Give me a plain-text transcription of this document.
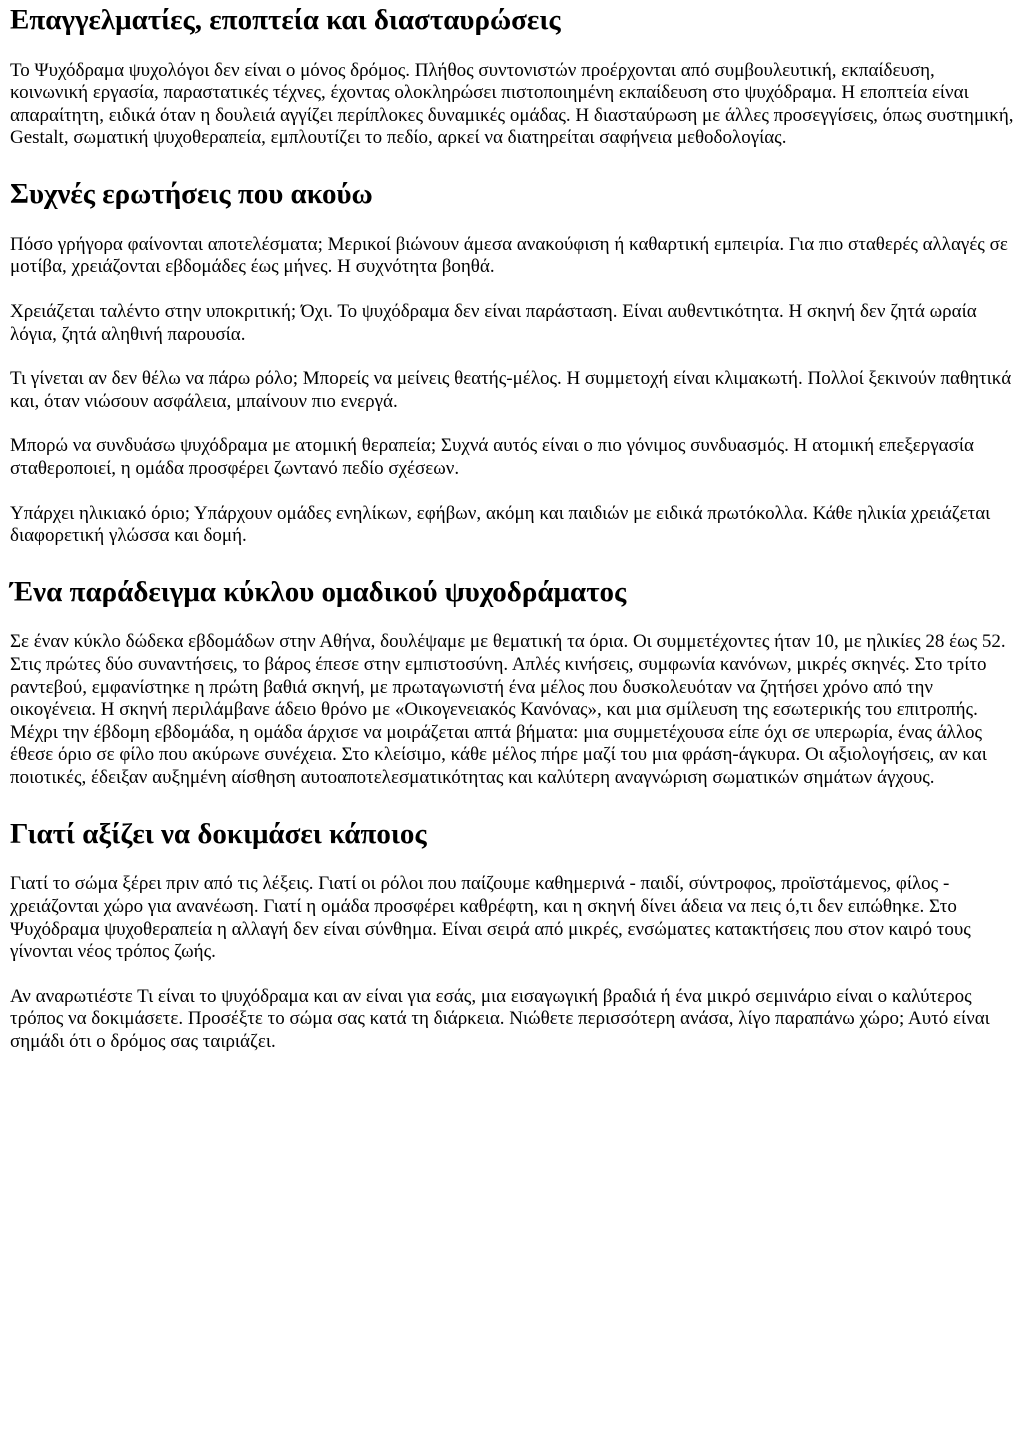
Επαγγελματίες, εποπτεία και διασταυρώσεις

Το Ψυχόδραμα ψυχολόγοι δεν είναι ο μόνος δρόμος. Πλήθος συντονιστών προέρχονται από συμβουλευτική, εκπαίδευση, κοινωνική εργασία, παραστατικές τέχνες, έχοντας ολοκληρώσει πιστοποιημένη εκπαίδευση στο ψυχόδραμα. Η εποπτεία είναι απαραίτητη, ειδικά όταν η δουλειά αγγίζει περίπλοκες δυναμικές ομάδας. Η διασταύρωση με άλλες προσεγγίσεις, όπως συστημική, Gestalt, σωματική ψυχοθεραπεία, εμπλουτίζει το πεδίο, αρκεί να διατηρείται σαφήνεια μεθοδολογίας.

Συχνές ερωτήσεις που ακούω

Πόσο γρήγορα φαίνονται αποτελέσματα; Μερικοί βιώνουν άμεσα ανακούφιση ή καθαρτική εμπειρία. Για πιο σταθερές αλλαγές σε μοτίβα, χρειάζονται εβδομάδες έως μήνες. Η συχνότητα βοηθά.

Χρειάζεται ταλέντο στην υποκριτική; Όχι. Το ψυχόδραμα δεν είναι παράσταση. Είναι αυθεντικότητα. Η σκηνή δεν ζητά ωραία λόγια, ζητά αληθινή παρουσία.

Τι γίνεται αν δεν θέλω να πάρω ρόλο; Μπορείς να μείνεις θεατής-μέλος. Η συμμετοχή είναι κλιμακωτή. Πολλοί ξεκινούν παθητικά και, όταν νιώσουν ασφάλεια, μπαίνουν πιο ενεργά.

Μπορώ να συνδυάσω ψυχόδραμα με ατομική θεραπεία; Συχνά αυτός είναι ο πιο γόνιμος συνδυασμός. Η ατομική επεξεργασία σταθεροποιεί, η ομάδα προσφέρει ζωντανό πεδίο σχέσεων.

Υπάρχει ηλικιακό όριο; Υπάρχουν ομάδες ενηλίκων, εφήβων, ακόμη και παιδιών με ειδικά πρωτόκολλα. Κάθε ηλικία χρειάζεται διαφορετική γλώσσα και δομή.

Ένα παράδειγμα κύκλου ομαδικού ψυχοδράματος

Σε έναν κύκλο δώδεκα εβδομάδων στην Αθήνα, δουλέψαμε με θεματική τα όρια. Οι συμμετέχοντες ήταν 10, με ηλικίες 28 έως 52. Στις πρώτες δύο συναντήσεις, το βάρος έπεσε στην εμπιστοσύνη. Απλές κινήσεις, συμφωνία κανόνων, μικρές σκηνές. Στο τρίτο ραντεβού, εμφανίστηκε η πρώτη βαθιά σκηνή, με πρωταγωνιστή ένα μέλος που δυσκολευόταν να ζητήσει χρόνο από την οικογένεια. Η σκηνή περιλάμβανε άδειο θρόνο με «Οικογενειακός Κανόνας», και μια σμίλευση της εσωτερικής του επιτροπής. Μέχρι την έβδομη εβδομάδα, η ομάδα άρχισε να μοιράζεται απτά βήματα: μια συμμετέχουσα είπε όχι σε υπερωρία, ένας άλλος έθεσε όριο σε φίλο που ακύρωνε συνέχεια. Στο κλείσιμο, κάθε μέλος πήρε μαζί του μια φράση-άγκυρα. Οι αξιολογήσεις, αν και ποιοτικές, έδειξαν αυξημένη αίσθηση αυτοαποτελεσματικότητας και καλύτερη αναγνώριση σωματικών σημάτων άγχους.

Γιατί αξίζει να δοκιμάσει κάποιος

Γιατί το σώμα ξέρει πριν από τις λέξεις. Γιατί οι ρόλοι που παίζουμε καθημερινά - παιδί, σύντροφος, προϊστάμενος, φίλος - χρειάζονται χώρο για ανανέωση. Γιατί η ομάδα προσφέρει καθρέφτη, και η σκηνή δίνει άδεια να πεις ό,τι δεν ειπώθηκε. Στο Ψυχόδραμα ψυχοθεραπεία η αλλαγή δεν είναι σύνθημα. Είναι σειρά από μικρές, ενσώματες κατακτήσεις που στον καιρό τους γίνονται νέος τρόπος ζωής.

Αν αναρωτιέστε Τι είναι το ψυχόδραμα και αν είναι για εσάς, μια εισαγωγική βραδιά ή ένα μικρό σεμινάριο είναι ο καλύτερος τρόπος να δοκιμάσετε. Προσέξτε το σώμα σας κατά τη διάρκεια. Νιώθετε περισσότερη ανάσα, λίγο παραπάνω χώρο; Αυτό είναι σημάδι ότι ο δρόμος σας ταιριάζει.
